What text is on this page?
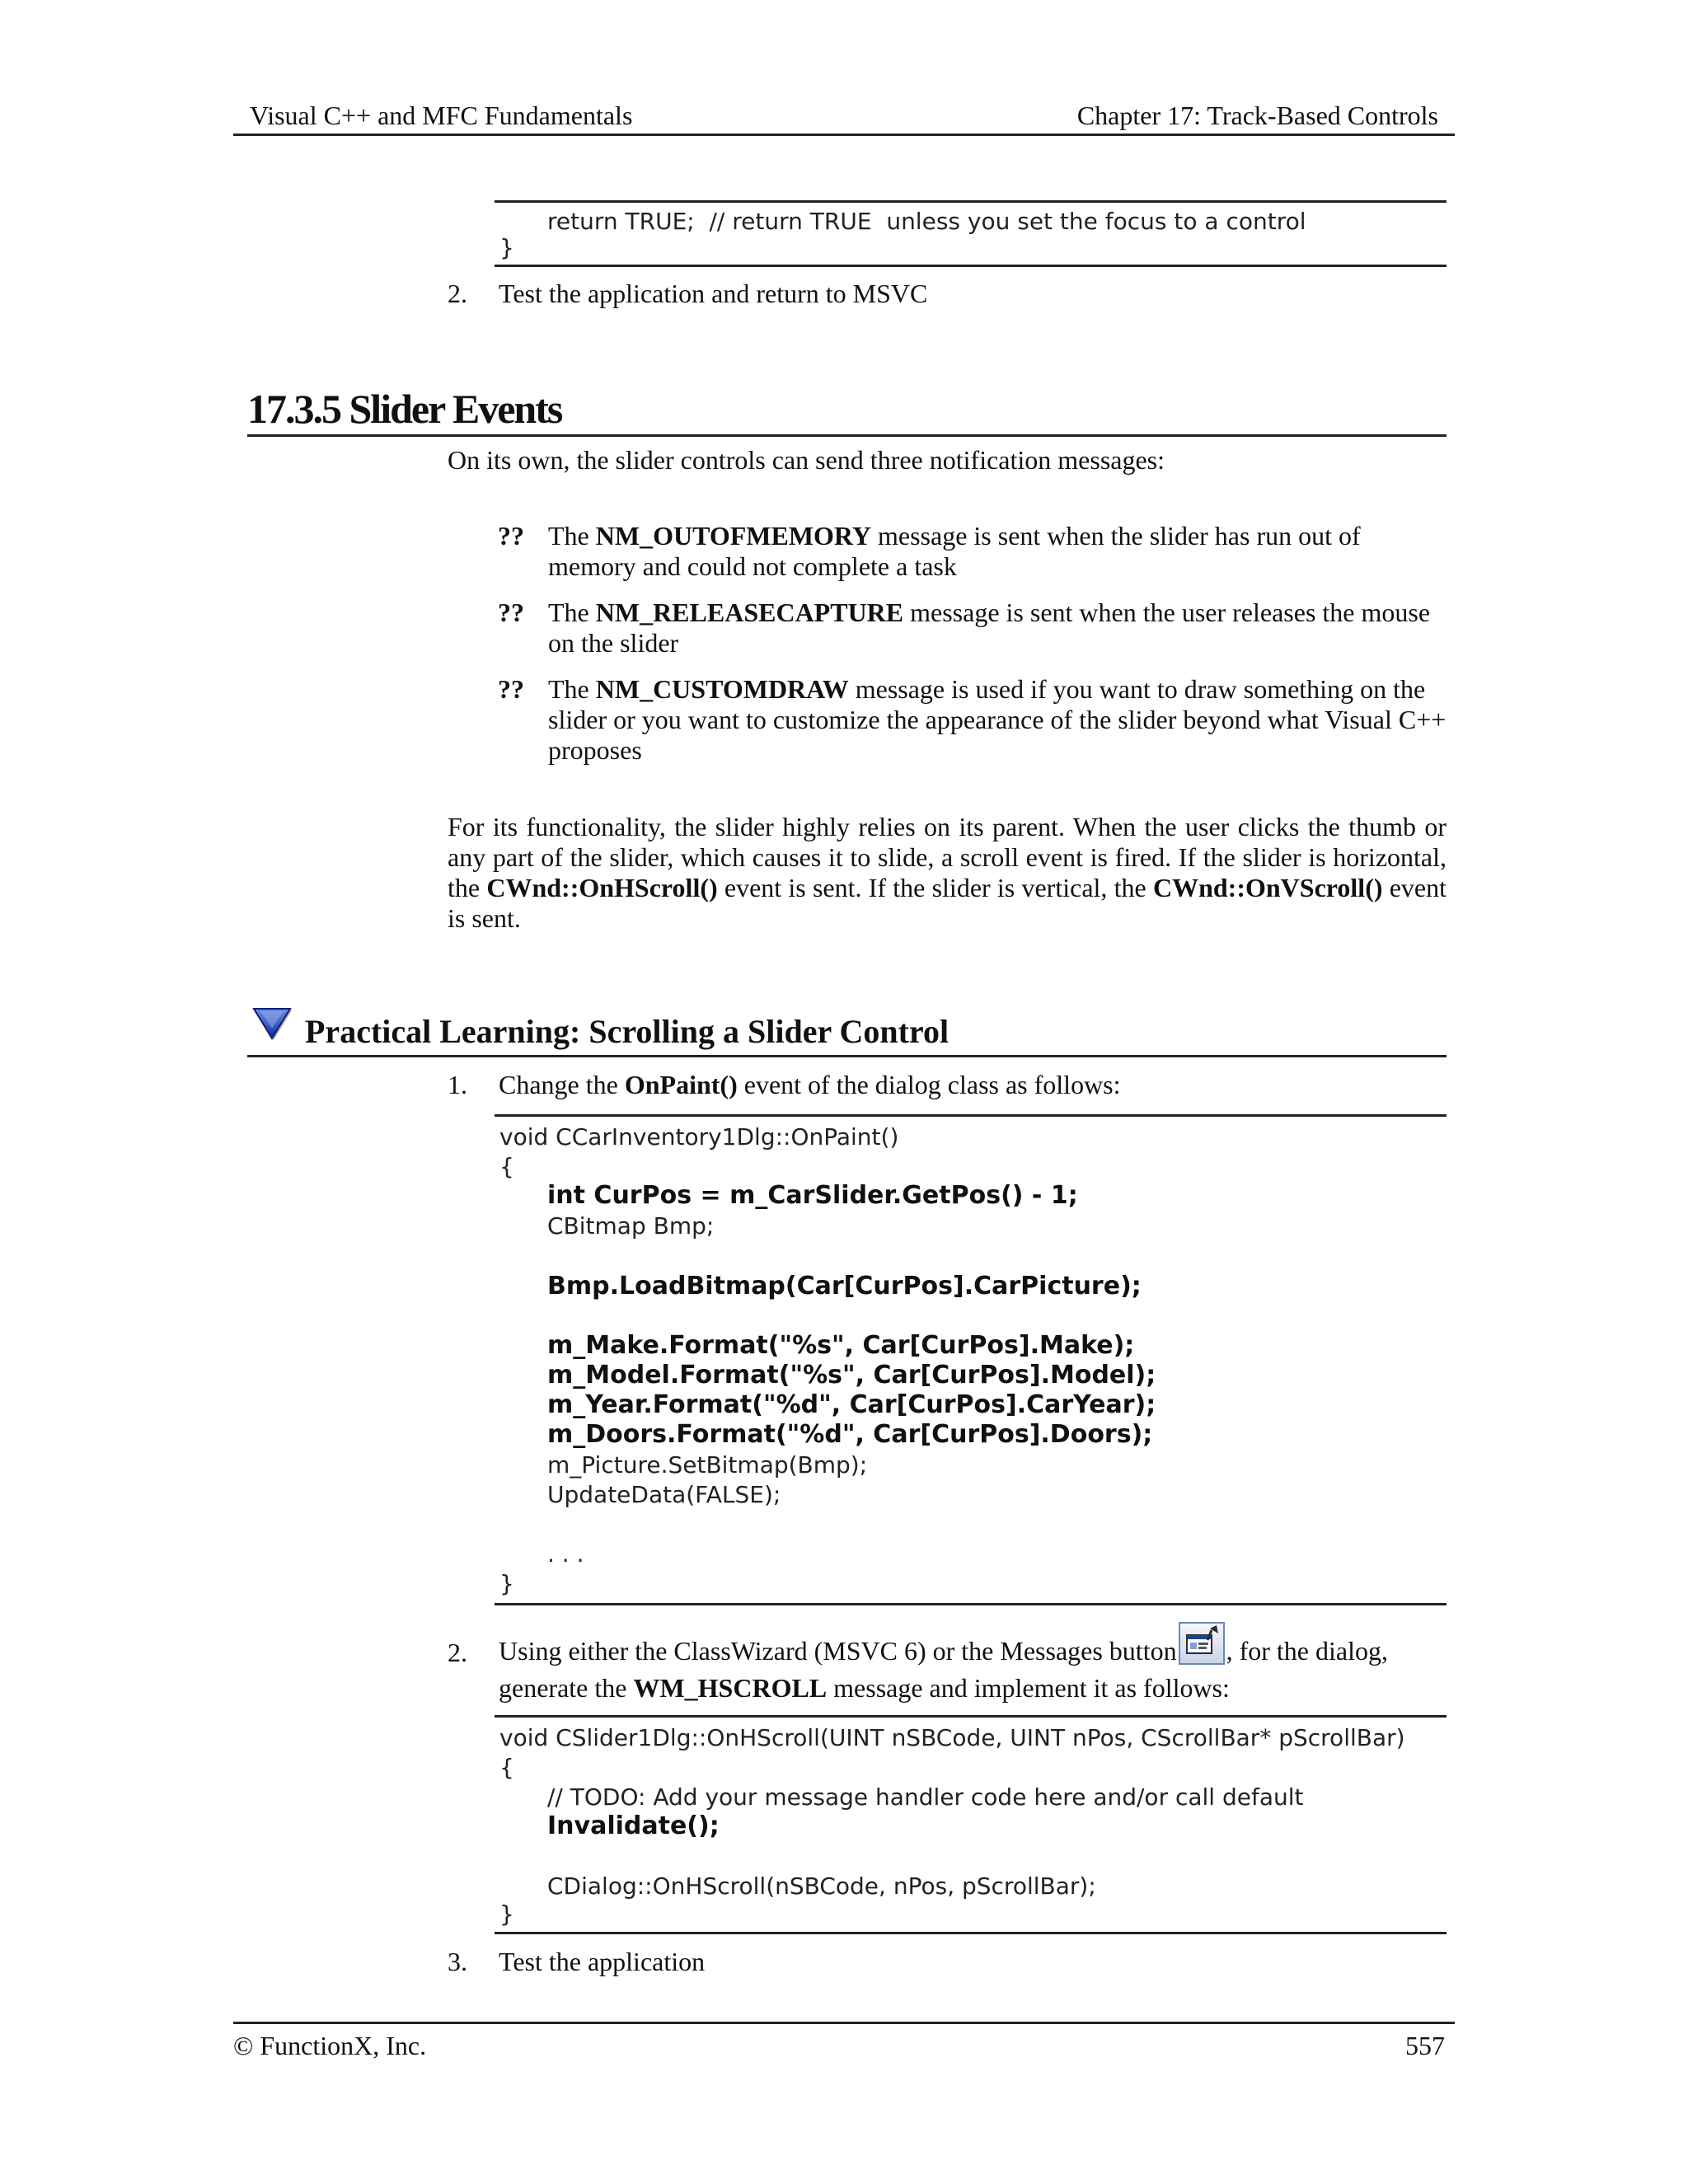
Visual C++ and MFC Fundamentals	Chapter 17: Track-Based Controls
return TRUE;  // return TRUE  unless you set the focus to a control
}
2. Test the application and return to MSVC
17.3.5 Slider Events
On its own, the slider controls can send three notification messages:
?? The NM_OUTOFMEMORY message is sent when the slider has run out of memory and could not complete a task
?? The NM_RELEASECAPTURE message is sent when the user releases the mouse on the slider
?? The NM_CUSTOMDRAW message is used if you want to draw something on the slider or you want to customize the appearance of the slider beyond what Visual C++ proposes
For its functionality, the slider highly relies on its parent. When the user clicks the thumb or any part of the slider, which causes it to slide, a scroll event is fired. If the slider is horizontal, the CWnd::OnHScroll() event is sent. If the slider is vertical, the CWnd::OnVScroll() event is sent.
Practical Learning: Scrolling a Slider Control
1. Change the OnPaint() event of the dialog class as follows:
void CCarInventory1Dlg::OnPaint()
{
int CurPos = m_CarSlider.GetPos() - 1;
CBitmap Bmp;
Bmp.LoadBitmap(Car[CurPos].CarPicture);
m_Make.Format("%s", Car[CurPos].Make);
m_Model.Format("%s", Car[CurPos].Model);
m_Year.Format("%d", Car[CurPos].CarYear);
m_Doors.Format("%d", Car[CurPos].Doors);
m_Picture.SetBitmap(Bmp);
UpdateData(FALSE);
. . .
}
2. Using either the ClassWizard (MSVC 6) or the Messages button , for the dialog,
generate the WM_HSCROLL message and implement it as follows:
void CSlider1Dlg::OnHScroll(UINT nSBCode, UINT nPos, CScrollBar* pScrollBar)
{
// TODO: Add your message handler code here and/or call default
Invalidate();
CDialog::OnHScroll(nSBCode, nPos, pScrollBar);
}
3. Test the application
© FunctionX, Inc.	557
